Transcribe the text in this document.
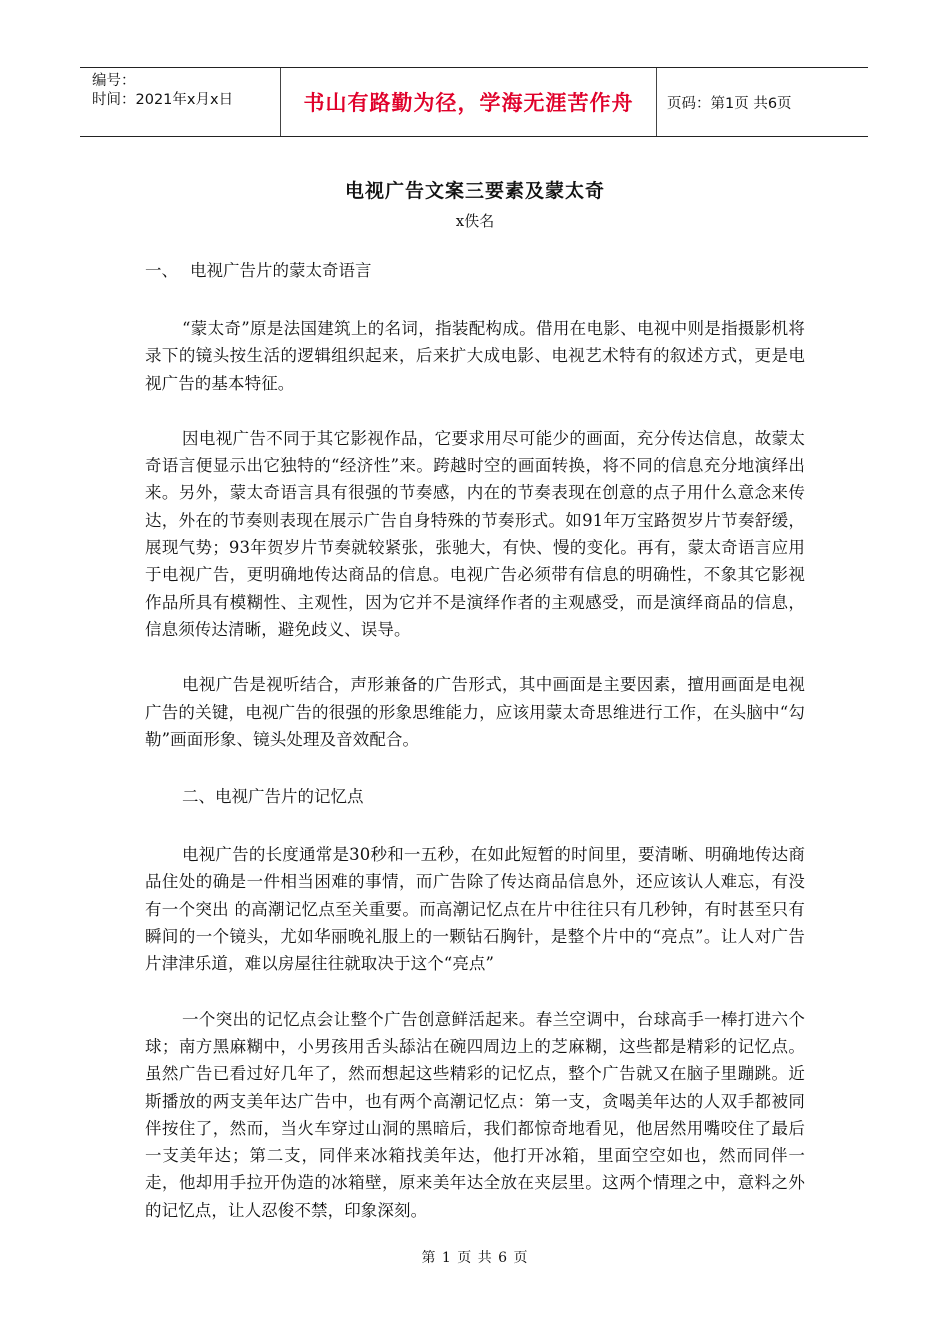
编号：
时间：2021年x月x日	书山有路勤为径，学海无涯苦作舟 页码：第1页 共6页
电视广告文案三要素及蒙太奇
x佚名
一、 电视广告片的蒙太奇语言

“蒙太奇”原是法国建筑上的名词，指装配构成。借用在电影、电视中则是指摄影机将录下的镜头按生活的逻辑组织起来，后来扩大成电影、电视艺术特有的叙述方式，更是电视广告的基本特征。

因电视广告不同于其它影视作品，它要求用尽可能少的画面，充分传达信息，故蒙太奇语言便显示出它独特的“经济性”来。跨越时空的画面转换，将不同的信息充分地演绎出来。另外，蒙太奇语言具有很强的节奏感，内在的节奏表现在创意的点子用什么意念来传达，外在的节奏则表现在展示广告自身特殊的节奏形式。如91年万宝路贺岁片节奏舒缓，展现气势；93年贺岁片节奏就较紧张，张驰大，有快、慢的变化。再有，蒙太奇语言应用于电视广告，更明确地传达商品的信息。电视广告必须带有信息的明确性，不象其它影视作品所具有模糊性、主观性，因为它并不是演绎作者的主观感受，而是演绎商品的信息，信息须传达清晰，避免歧义、误导。

电视广告是视听结合，声形兼备的广告形式，其中画面是主要因素，擅用画面是电视广告的关键，电视广告的很强的形象思维能力，应该用蒙太奇思维进行工作，在头脑中“勾勒”画面形象、镜头处理及音效配合。

二、电视广告片的记忆点

电视广告的长度通常是30秒和一五秒，在如此短暂的时间里，要清晰、明确地传达商品住处的确是一件相当困难的事情，而广告除了传达商品信息外，还应该认人难忘，有没有一个突出 的高潮记忆点至关重要。而高潮记忆点在片中往往只有几秒钟，有时甚至只有瞬间的一个镜头，尤如华丽晚礼服上的一颗钻石胸针，是整个片中的“亮点”。让人对广告片津津乐道，难以房屋往往就取决于这个“亮点”

一个突出的记忆点会让整个广告创意鲜活起来。春兰空调中，台球高手一棒打进六个球；南方黑麻糊中，小男孩用舌头舔沾在碗四周边上的芝麻糊，这些都是精彩的记忆点。虽然广告已看过好几年了，然而想起这些精彩的记忆点，整个广告就又在脑子里蹦跳。近斯播放的两支美年达广告中，也有两个高潮记忆点：第一支，贪喝美年达的人双手都被同伴按住了，然而，当火车穿过山洞的黑暗后，我们都惊奇地看见，他居然用嘴咬住了最后一支美年达；第二支，同伴来冰箱找美年达，他打开冰箱，里面空空如也，然而同伴一走，他却用手拉开伪造的冰箱壁，原来美年达全放在夹层里。这两个情理之中，意料之外的记忆点，让人忍俊不禁，印象深刻。

第 1 页 共 6 页
